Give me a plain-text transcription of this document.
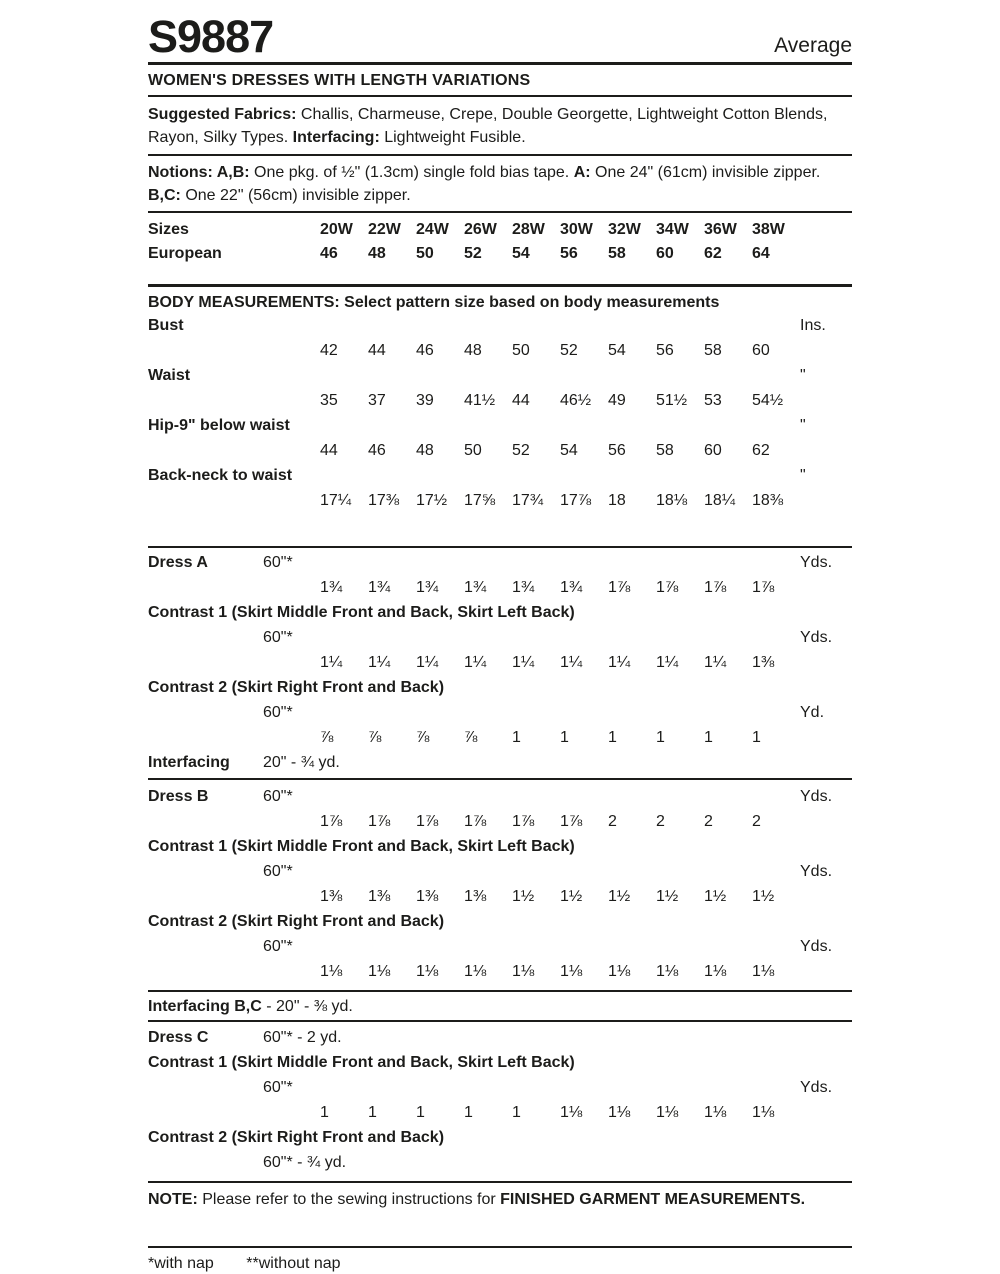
S9887	Average
WOMEN'S DRESSES WITH LENGTH VARIATIONS

Suggested Fabrics: Challis, Charmeuse, Crepe, Double Georgette, Lightweight Cotton Blends, Rayon, Silky Types. Interfacing: Lightweight Fusible.

Notions: A,B: One pkg. of ½" (1.3cm) single fold bias tape. A: One 24" (61cm) invisible zipper.
B,C: One 22" (56cm) invisible zipper.

Sizes	20W 22W 24W 26W 28W 30W 32W 34W 36W 38W
European	46	48	50	52	54	56	58	60	62	64
BODY MEASUREMENTS: Select pattern size based on body measurements
Bust	Ins.
42	44	46	48	50	52	54	56	58	60
Waist	"
35	37	39	41½	44	46½	49	51½	53	54½
Hip-9" below waist	"
44	46	48	50	52	54	56	58	60	62
Back-neck to waist	"
17¼	17⅜	17½	17⅝	17¾	17⅞	18	18⅛	18¼	18⅜
Dress A	60"*	Yds.
1¾	1¾	1¾	1¾	1¾	1¾	1⅞	1⅞	1⅞	1⅞
Contrast 1 (Skirt Middle Front and Back, Skirt Left Back)
60"*	Yds.
1¼	1¼	1¼	1¼	1¼	1¼	1¼	1¼	1¼	1⅜
Contrast 2 (Skirt Right Front and Back)
60"*	Yd.
⅞	⅞	⅞	⅞	1	1	1	1	1	1
Interfacing	20" - ¾ yd.
Dress B	60"*	Yds.
1⅞	1⅞	1⅞	1⅞	1⅞	1⅞	2	2	2	2
Contrast 1 (Skirt Middle Front and Back, Skirt Left Back)
60"*	Yds.
1⅜	1⅜	1⅜	1⅜	1½	1½	1½	1½	1½	1½
Contrast 2 (Skirt Right Front and Back)
60"*	Yds.
1⅛	1⅛	1⅛	1⅛	1⅛	1⅛	1⅛	1⅛	1⅛	1⅛

Interfacing B,C - 20" - ⅜ yd.

Dress C	60"* - 2 yd.
Contrast 1 (Skirt Middle Front and Back, Skirt Left Back)
60"*	Yds.
1	1	1	1	1	1⅛	1⅛	1⅛	1⅛	1⅛
Contrast 2 (Skirt Right Front and Back)
60"* - ¾ yd.

NOTE: Please refer to the sewing instructions for FINISHED GARMENT MEASUREMENTS.

*with nap **without nap
